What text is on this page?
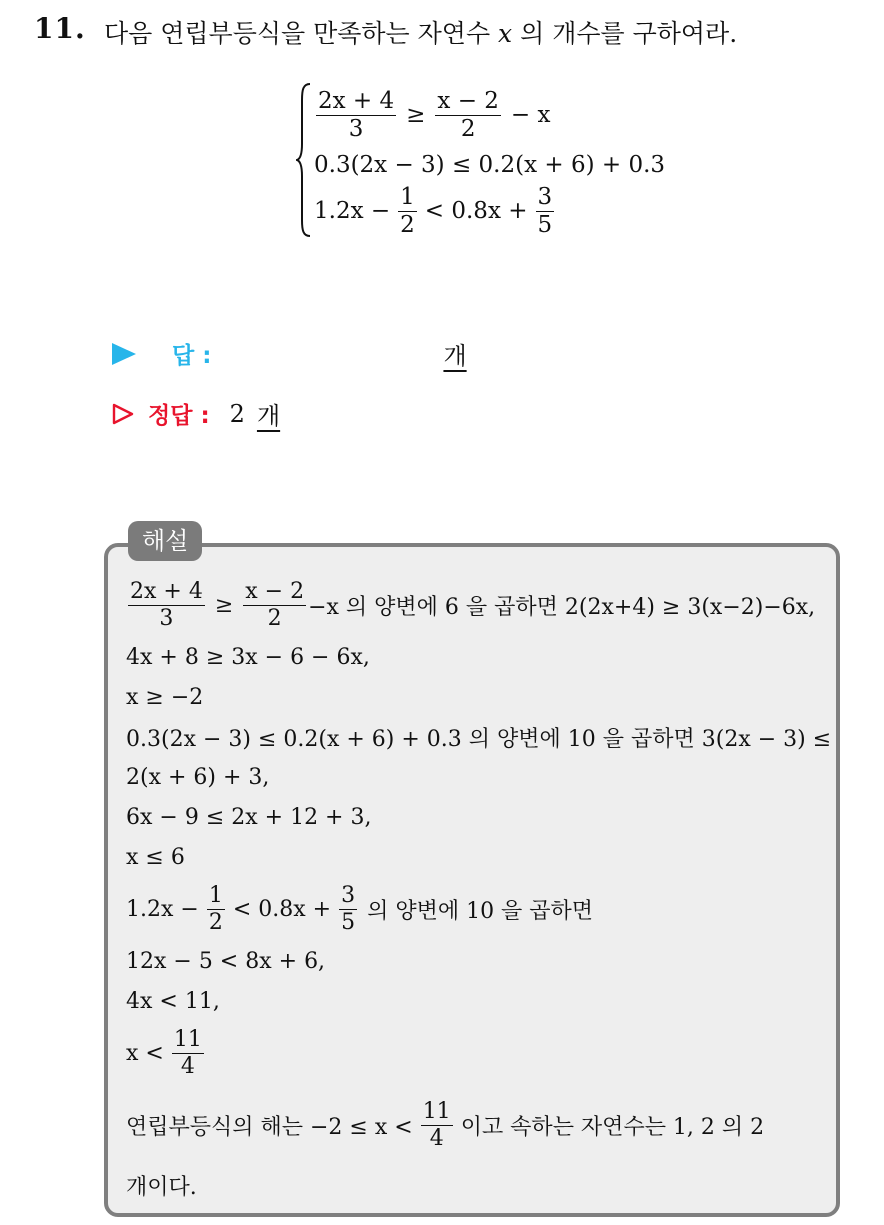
11. 다음 연립부등식을 만족하는 자연수 x 의 개수를 구하여라.
$\frac{2x + 4}{3} \ge \frac{x - 2}{2} - x$
0.3(2x − 3) ≤ 0.2(x + 6) + 0.3
$1.2x - \frac{1}{2} < 0.8x + \frac{3}{5}$
답 :	개
정답 : 2 개
해설
$\frac{2x + 4}{3} \ge \frac{x - 2}{2} -x$ 의 양변에 6 을 곱하면 2(2x+4) ≥ 3(x−2)−6x,
4x + 8 ≥ 3x − 6 − 6x,
x ≥ −2
0.3(2x − 3) ≤ 0.2(x + 6) + 0.3 의 양변에 10 을 곱하면 3(2x − 3) ≤
2(x + 6) + 3,
6x − 9 ≤ 2x + 12 + 3,
x ≤ 6
$1.2x - \frac{1}{2} < 0.8x + \frac{3}{5}$ 의 양변에 10 을 곱하면
12x − 5 < 8x + 6,
4x < 11,
$x < \frac{11}{4}$
연립부등식의 해는 $-2 \le x < \frac{11}{4}$ 이고 속하는 자연수는 1, 2 의 2
개이다.
